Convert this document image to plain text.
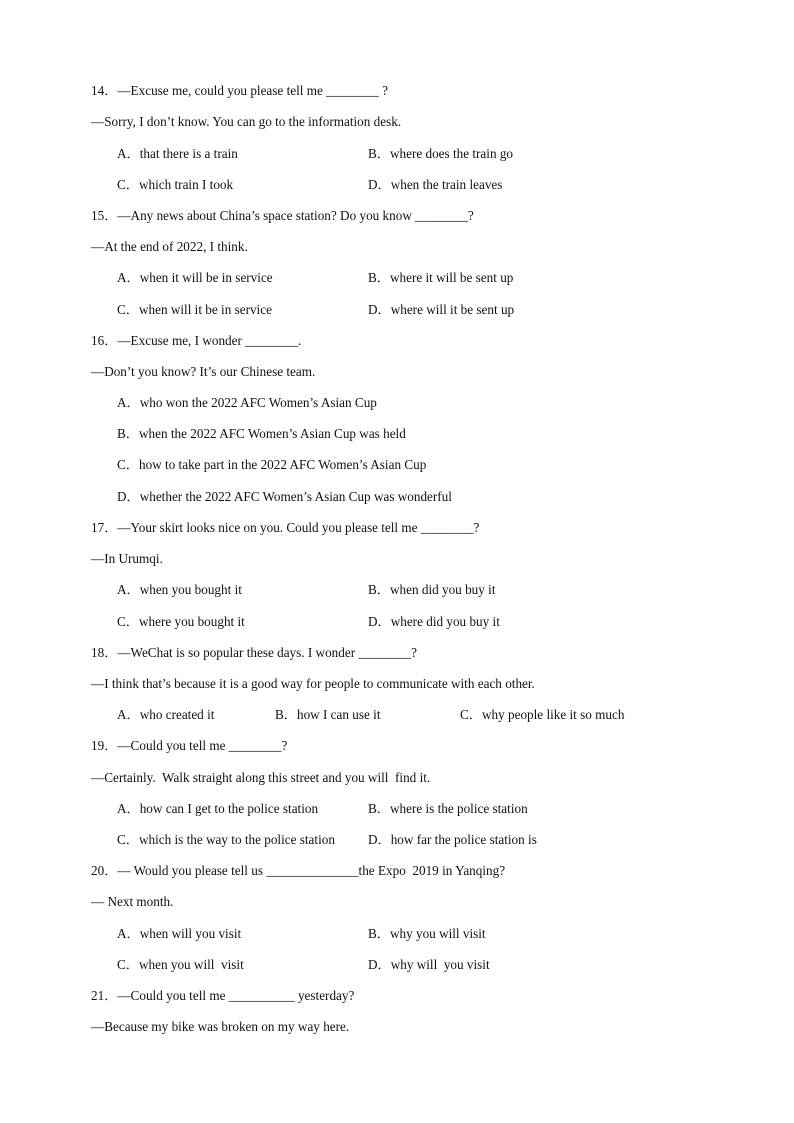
14．—Excuse me, could you please tell me ________ ?
—Sorry, I don’t know. You can go to the information desk.
A．that there is a train	B．where does the train go
C．which train I took	D．when the train leaves
15．—Any news about China’s space station? Do you know ________?
—At the end of 2022, I think.
A．when it will be in service	B．where it will be sent up
C．when will it be in service	D．where will it be sent up
16．—Excuse me, I wonder ________.
—Don’t you know? It’s our Chinese team.
A．who won the 2022 AFC Women’s Asian Cup
B．when the 2022 AFC Women’s Asian Cup was held
C．how to take part in the 2022 AFC Women’s Asian Cup
D．whether the 2022 AFC Women’s Asian Cup was wonderful
17．—Your skirt looks nice on you. Could you please tell me ________?
—In Urumqi.
A．when you bought it	B．when did you buy it
C．where you bought it	D．where did you buy it
18．—WeChat is so popular these days. I wonder ________?
—I think that’s because it is a good way for people to communicate with each other.
A．who created it	B．how I can use it	C．why people like it so much
19．—Could you tell me ________?
—Certainly.  Walk straight along this street and you will  find it.
A．how can I get to the police station	B．where is the police station
C．which is the way to the police station	D．how far the police station is
20．— Would you please tell us ______________the Expo  2019 in Yanqing?
— Next month.
A．when will you visit	B．why you will visit
C．when you will  visit	D．why will  you visit
21．—Could you tell me __________ yesterday?
—Because my bike was broken on my way here.
